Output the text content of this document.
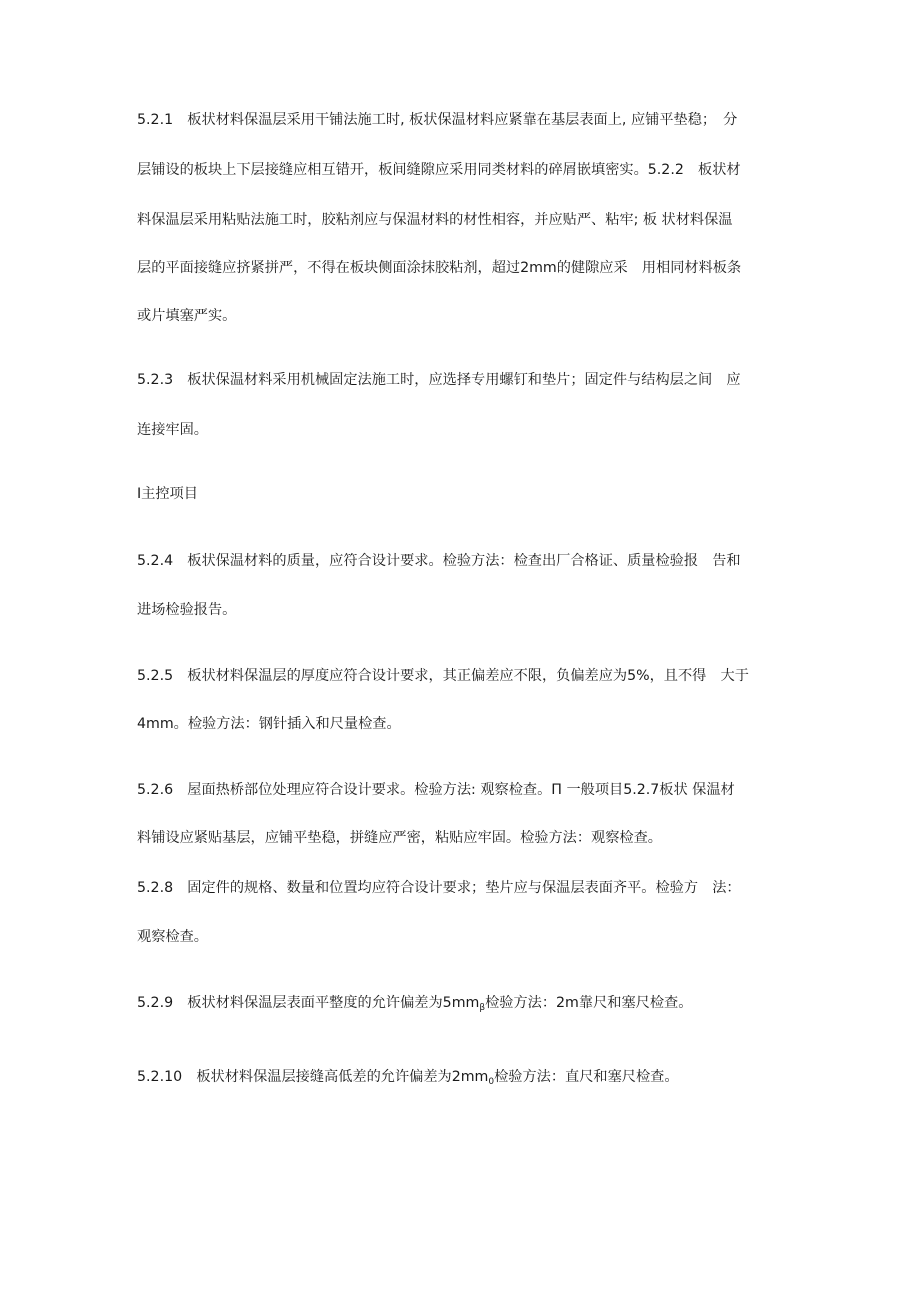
5.2.1　板状材料保温层采用干铺法施工时, 板状保温材料应紧靠在基层表面上, 应铺平垫稳；　分
层铺设的板块上下层接缝应相互错开，板间缝隙应采用同类材料的碎屑嵌填密实。5.2.2　板状材
料保温层采用粘贴法施工时，胶粘剂应与保温材料的材性相容，并应贴严、粘牢; 板 状材料保温
层的平面接缝应挤紧拼严，不得在板块侧面涂抹胶粘剂，超过2mm的健隙应采　用相同材料板条
或片填塞严实。
5.2.3　板状保温材料采用机械固定法施工时，应选择专用螺钉和垫片；固定件与结构层之间　应
连接牢固。
I主控项目
5.2.4　板状保温材料的质量，应符合设计要求。检验方法：检查出厂合格证、质量检验报　告和
进场检验报告。
5.2.5　板状材料保温层的厚度应符合设计要求，其正偏差应不限，负偏差应为5%，且不得　大于
4mm。检验方法：钢针插入和尺量检查。
5.2.6　屋面热桥部位处理应符合设计要求。检验方法: 观察检查。Π 一般项目5.2.7板状 保温材
料铺设应紧贴基层，应铺平垫稳，拼缝应严密，粘贴应牢固。检验方法：观察检查。
5.2.8　固定件的规格、数量和位置均应符合设计要求；垫片应与保温层表面齐平。检验方　法：
观察检查。
5.2.9　板状材料保温层表面平整度的允许偏差为$5mm_\beta$检验方法：2m靠尺和塞尺检查。
5.2.10　板状材料保温层接缝高低差的允许偏差为$2mm_0$检验方法：直尺和塞尺检查。
